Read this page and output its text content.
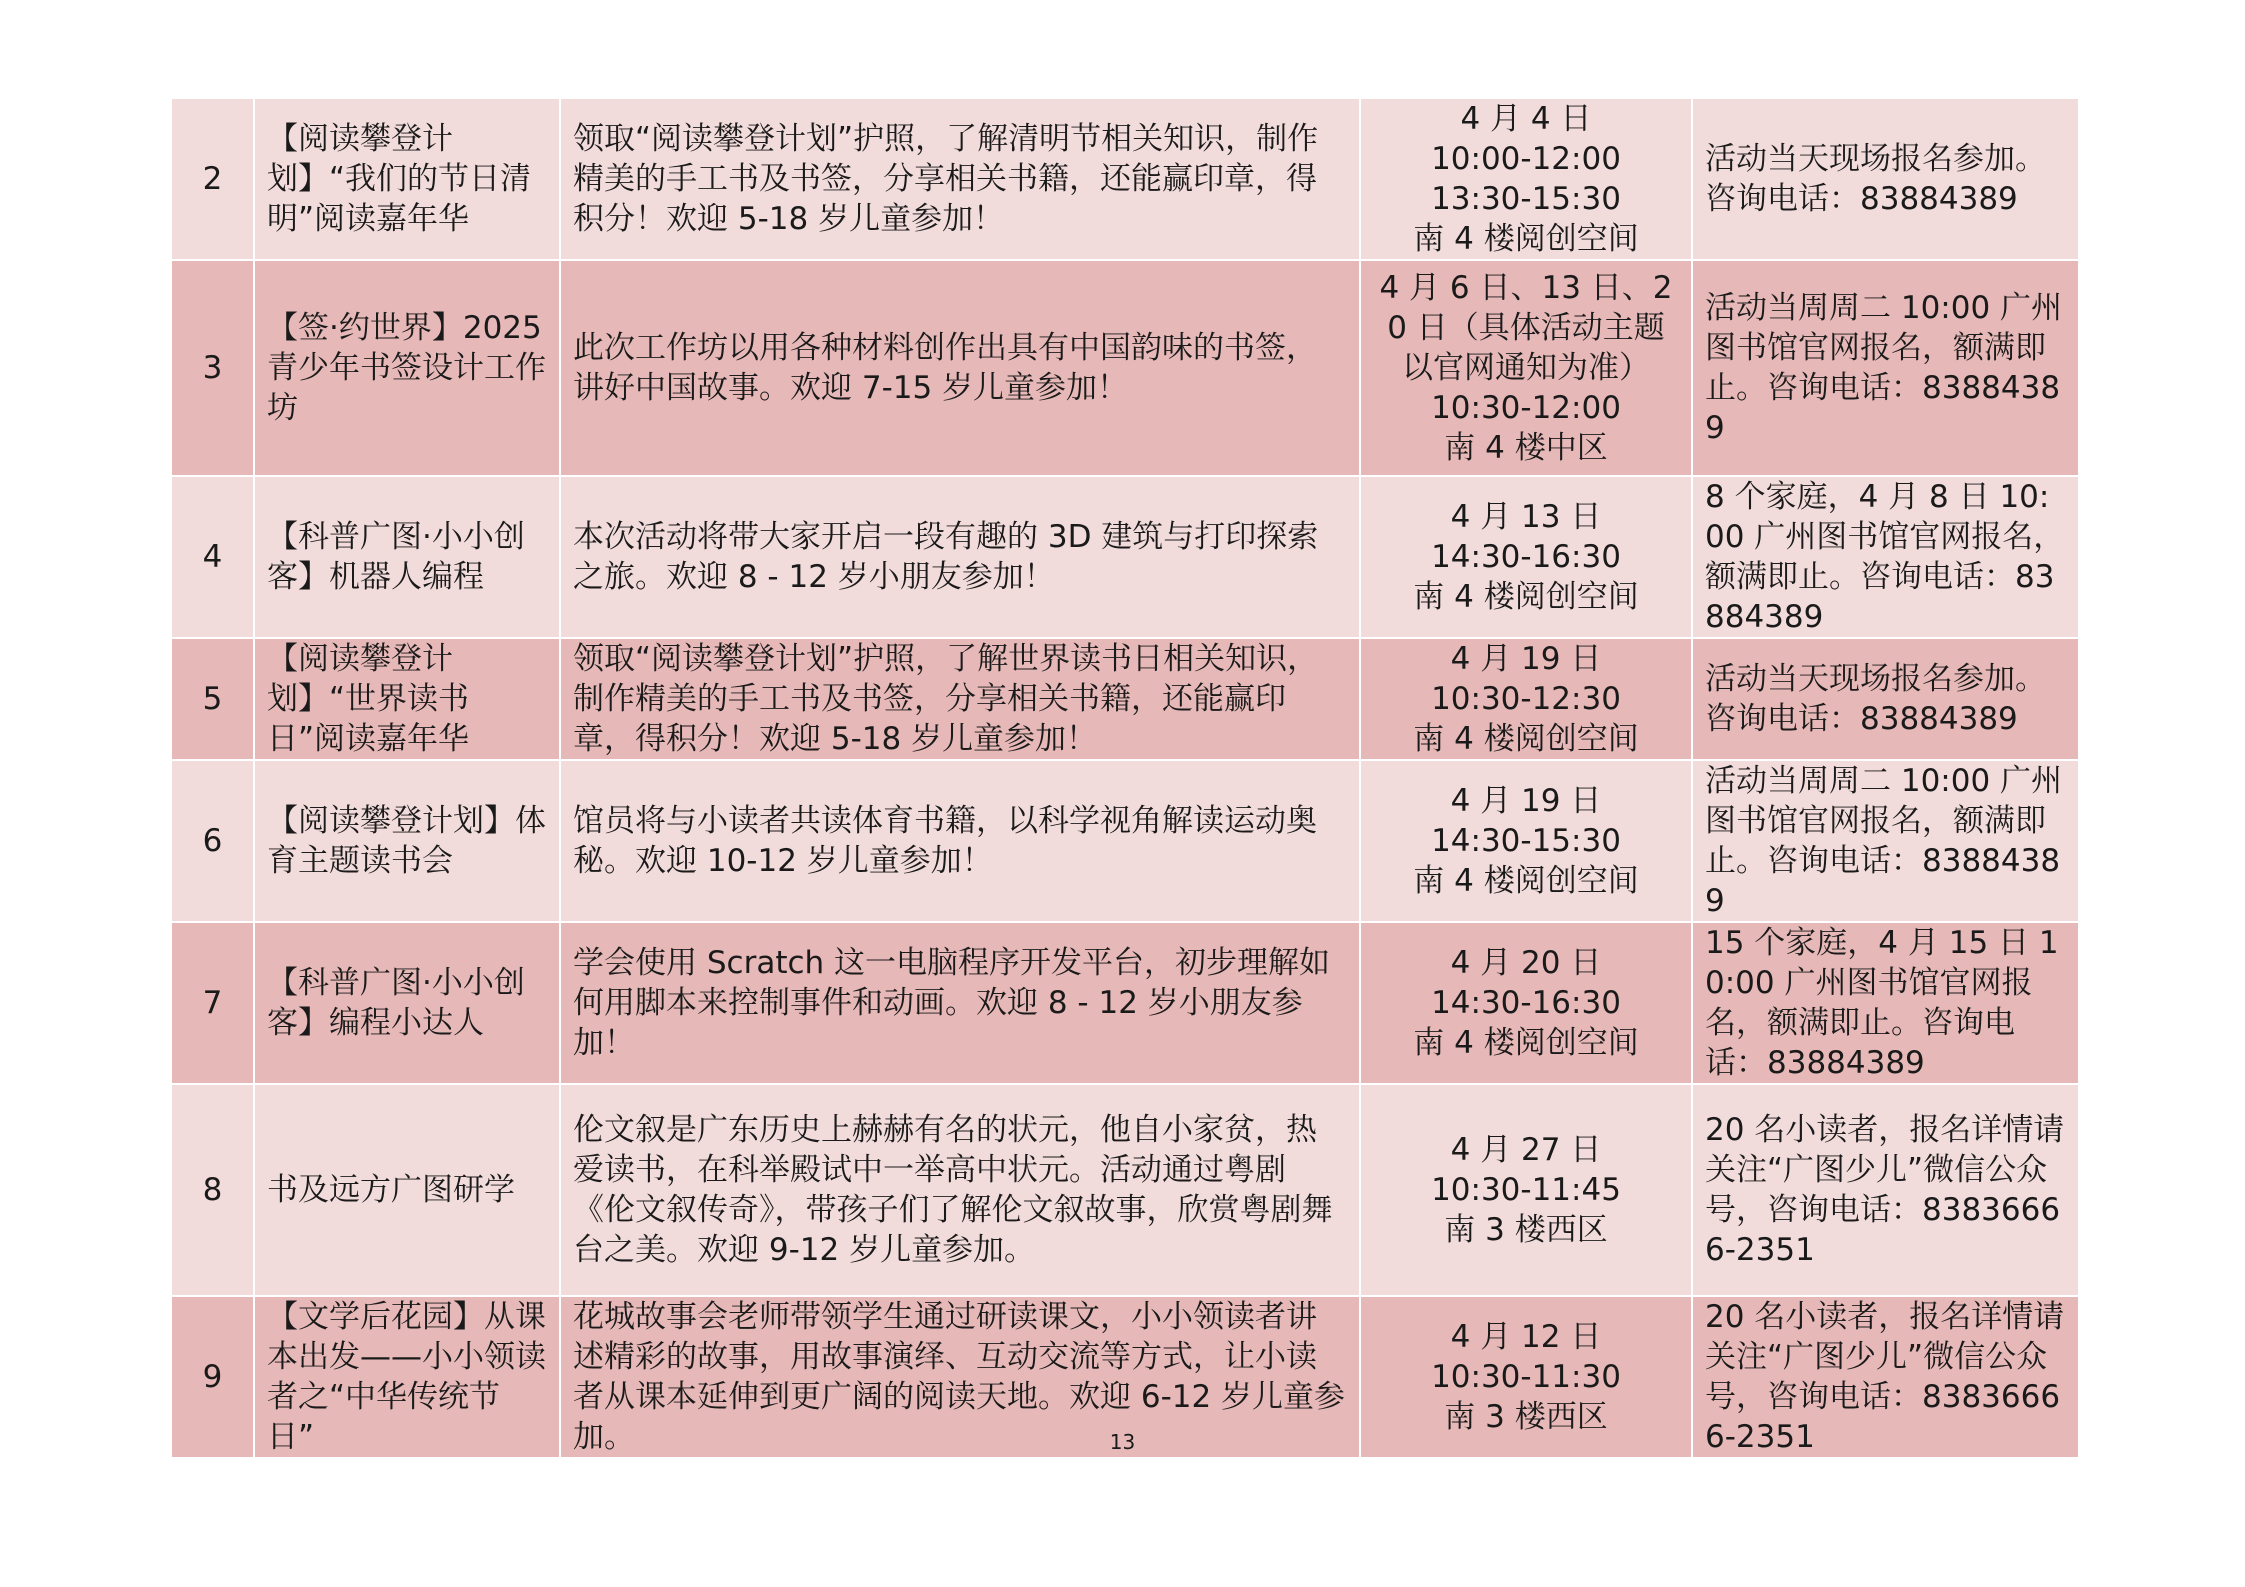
2	【阅读攀登计划】“我们的节日清明”阅读嘉年华	领取“阅读攀登计划”护照，了解清明节相关知识，制作精美的手工书及书签，分享相关书籍，还能赢印章，得积分！欢迎 5-18 岁儿童参加！	4 月 4 日
10:00-12:00
13:30-15:30
南 4 楼阅创空间	活动当天现场报名参加。咨询电话：83884389
3	【签·约世界】2025 青少年书签设计工作坊	此次工作坊以用各种材料创作出具有中国韵味的书签，讲好中国故事。欢迎 7-15 岁儿童参加！	4 月 6 日、13 日、20 日（具体活动主题以官网通知为准）
10:30-12:00
南 4 楼中区	活动当周周二 10:00 广州图书馆官网报名，额满即止。咨询电话：83884389
4	【科普广图·小小创客】机器人编程	本次活动将带大家开启一段有趣的 3D 建筑与打印探索之旅。欢迎 8 - 12 岁小朋友参加！	4 月 13 日
14:30-16:30
南 4 楼阅创空间	8 个家庭，4 月 8 日 10:00 广州图书馆官网报名，额满即止。咨询电话：83884389
5	【阅读攀登计划】“世界读书日”阅读嘉年华	领取“阅读攀登计划”护照，了解世界读书日相关知识，制作精美的手工书及书签，分享相关书籍，还能赢印章，得积分！欢迎 5-18 岁儿童参加！	4 月 19 日
10:30-12:30
南 4 楼阅创空间	活动当天现场报名参加。咨询电话：83884389
6	【阅读攀登计划】体育主题读书会	馆员将与小读者共读体育书籍，以科学视角解读运动奥秘。欢迎 10-12 岁儿童参加！	4 月 19 日
14:30-15:30
南 4 楼阅创空间	活动当周周二 10:00 广州图书馆官网报名，额满即止。咨询电话：83884389
7	【科普广图·小小创客】编程小达人	学会使用 Scratch 这一电脑程序开发平台，初步理解如何用脚本来控制事件和动画。欢迎 8 - 12 岁小朋友参加！	4 月 20 日
14:30-16:30
南 4 楼阅创空间	15 个家庭，4 月 15 日 10:00 广州图书馆官网报名，额满即止。咨询电话：83884389
8	书及远方广图研学	伦文叙是广东历史上赫赫有名的状元，他自小家贫，热爱读书，在科举殿试中一举高中状元。活动通过粤剧《伦文叙传奇》，带孩子们了解伦文叙故事，欣赏粤剧舞台之美。欢迎 9-12 岁儿童参加。	4 月 27 日
10:30-11:45
南 3 楼西区	20 名小读者，报名详情请关注“广图少儿”微信公众号，咨询电话：83836666-2351
9	【文学后花园】从课本出发——小小领读者之“中华传统节日”	花城故事会老师带领学生通过研读课文，小小领读者讲述精彩的故事，用故事演绎、互动交流等方式，让小读者从课本延伸到更广阔的阅读天地。欢迎 6-12 岁儿童参加。	4 月 12 日
10:30-11:30
南 3 楼西区	20 名小读者，报名详情请关注“广图少儿”微信公众号，咨询电话：83836666-2351
13
